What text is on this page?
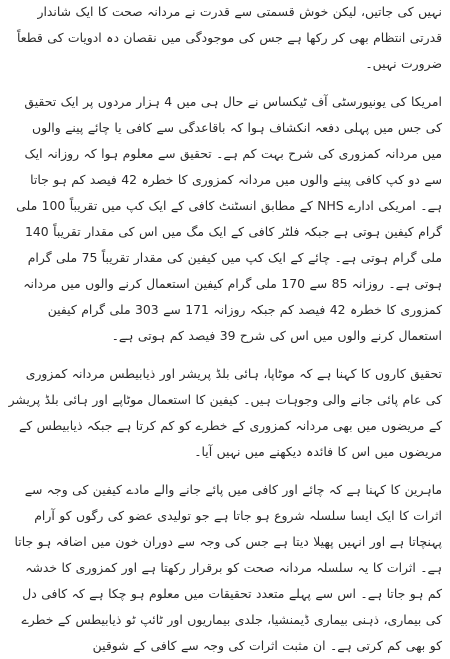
نہیں کی جاتیں، لیکن خوش قسمتی سے قدرت نے مردانہ صحت کا ایک شاندار قدرتی انتظام بھی کر رکھا ہے جس کی موجودگی میں نقصان دہ ادویات کی قطعاً ضرورت نہیں۔

امریکا کی یونیورسٹی آف ٹیکساس نے حال ہی میں 4 ہزار مردوں پر ایک تحقیق کی جس میں پہلی دفعہ انکشاف ہوا کہ باقاعدگی سے کافی یا چائے پینے والوں میں مردانہ کمزوری کی شرح بہت کم ہے۔ تحقیق سے معلوم ہوا کہ روزانہ ایک سے دو کپ کافی پینے والوں میں مردانہ کمزوری کا خطرہ 42 فیصد کم ہو جاتا ہے۔ امریکی ادارے NHS کے مطابق انسٹنٹ کافی کے ایک کپ میں تقریباً 100 ملی گرام کیفین ہوتی ہے جبکہ فلٹر کافی کے ایک مگ میں اس کی مقدار تقریباً 140 ملی گرام ہوتی ہے۔ چائے کے ایک کپ میں کیفین کی مقدار تقریباً 75 ملی گرام ہوتی ہے۔ روزانہ 85 سے 170 ملی گرام کیفین استعمال کرنے والوں میں مردانہ کمزوری کا خطرہ 42 فیصد کم جبکہ روزانہ 171 سے 303 ملی گرام کیفین استعمال کرنے والوں میں اس کی شرح 39 فیصد کم ہوتی ہے۔

تحقیق کاروں کا کہنا ہے کہ موٹاپا، ہائی بلڈ پریشر اور ذیابیطس مردانہ کمزوری کی عام پائی جانے والی وجوہات ہیں۔ کیفین کا استعمال موٹاپے اور ہائی بلڈ پریشر کے مریضوں میں بھی مردانہ کمزوری کے خطرے کو کم کرتا ہے جبکہ ذیابیطس کے مریضوں میں اس کا فائدہ دیکھنے میں نہیں آیا۔

ماہرین کا کہنا ہے کہ چائے اور کافی میں پائے جانے والے مادے کیفین کی وجہ سے اثرات کا ایک ایسا سلسلہ شروع ہو جاتا ہے جو تولیدی عضو کی رگوں کو آرام پہنچاتا ہے اور انہیں پھیلا دیتا ہے جس کی وجہ سے دوران خون میں اضافہ ہو جاتا ہے۔ اثرات کا یہ سلسلہ مردانہ صحت کو برقرار رکھتا ہے اور کمزوری کا خدشہ کم ہو جاتا ہے۔ اس سے پہلے متعدد تحقیقات میں معلوم ہو چکا ہے کہ کافی دل کی بیماری، ذہنی بیماری ڈیمنشیا، جلدی بیماریوں اور ٹائپ ٹو ذیابیطس کے خطرے کو بھی کم کرتی ہے۔ ان مثبت اثرات کی وجہ سے کافی کے شوقین
